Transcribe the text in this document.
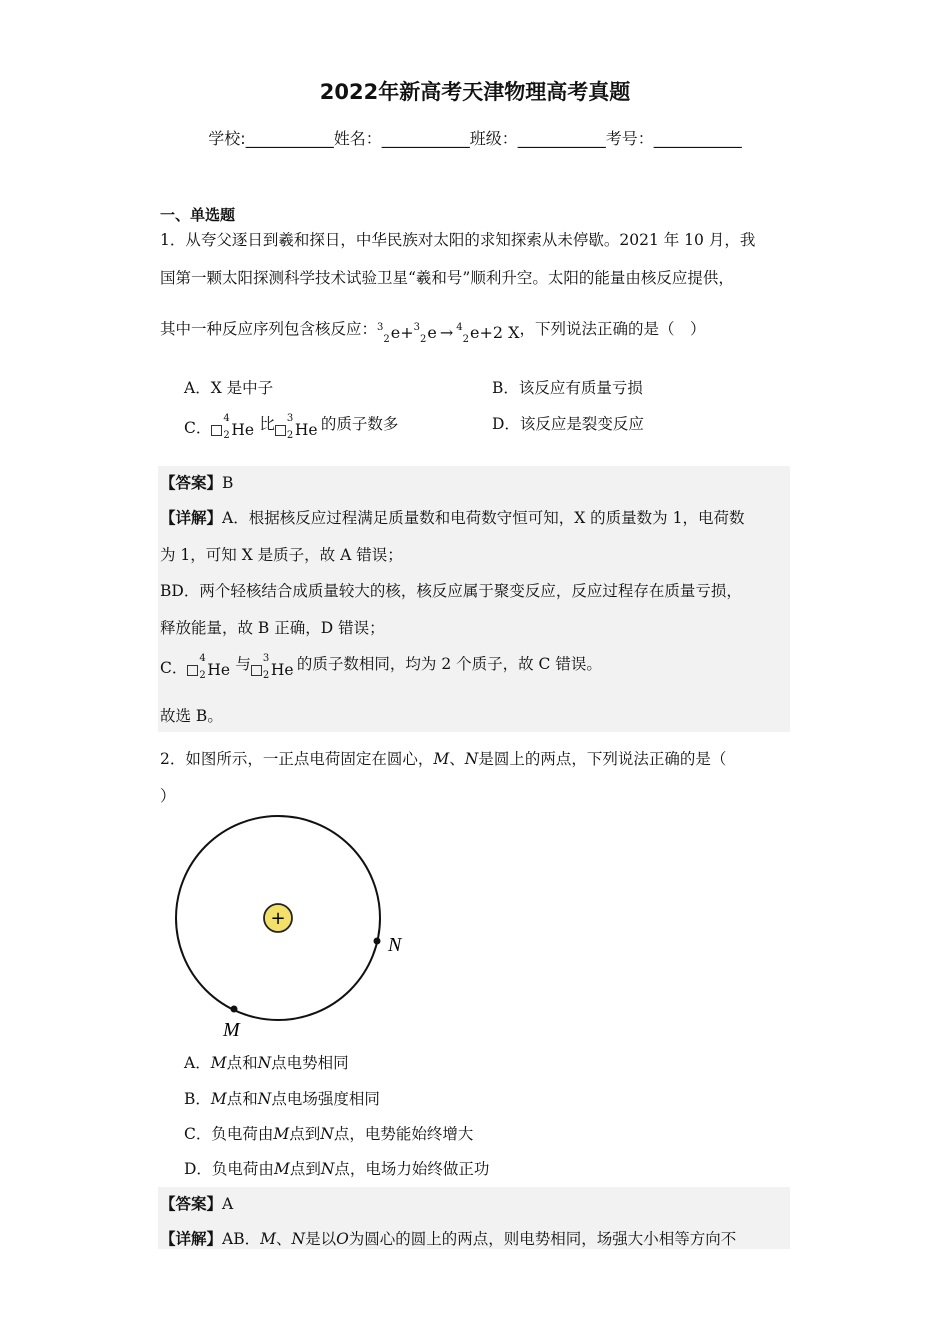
2022年新高考天津物理高考真题
学校:___________姓名：___________班级：___________考号：___________
一、单选题
1．从夸父逐日到羲和探日，中华民族对太阳的求知探索从未停歇。2021 年 10 月，我
国第一颗太阳探测科学技术试验卫星“羲和号”顺利升空。太阳的能量由核反应提供，
其中一种反应序列包含核反应：$^3_2$e+$^3_2$e → $^4_2$e+2 X，下列说法正确的是（　）
A．X 是中子	B．该反应有质量亏损
C．
4
2 He 比 3
2 He 的质子数多	D．该反应是裂变反应
【答案】B
【详解】A．根据核反应过程满足质量数和电荷数守恒可知，X 的质量数为 1，电荷数
为 1，可知 X 是质子，故 A 错误；
BD．两个轻核结合成质量较大的核，核反应属于聚变反应，反应过程存在质量亏损，
释放能量，故 B 正确，D 错误；
C．
4
2 He 与 3
2 He 的质子数相同，均为 2 个质子，故 C 错误。
故选 B。
2．如图所示，一正点电荷固定在圆心，M、N是圆上的两点，下列说法正确的是（
）
+
N
M
A．M点和N点电势相同
B．M点和N点电场强度相同
C．负电荷由M点到N点，电势能始终增大
D．负电荷由M点到N点，电场力始终做正功
【答案】A
【详解】AB．M、N是以O为圆心的圆上的两点，则电势相同，场强大小相等方向不
